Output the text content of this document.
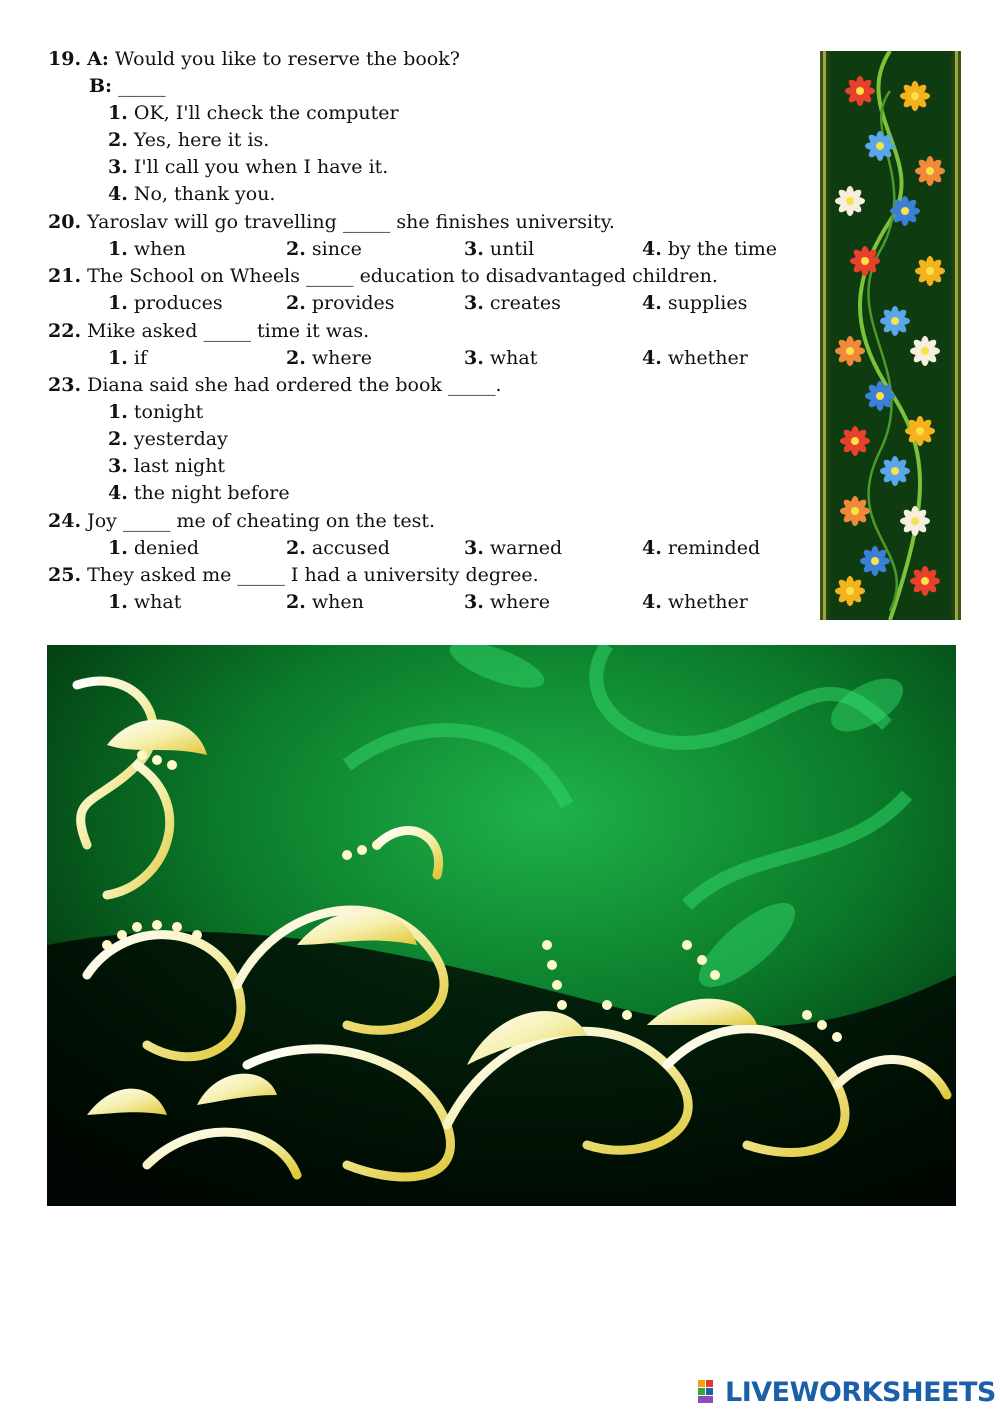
19. A: Would you like to reserve the book?
B: _____
1. OK, I'll check the computer
2. Yes, here it is.
3. I'll call you when I have it.
4. No, thank you.
20. Yaroslav will go travelling _____ she finishes university.
1. when	2. since	3. until	4. by the time
21. The School on Wheels _____ education to disadvantaged children.
1. produces	2. provides	3. creates	4. supplies
22. Mike asked _____ time it was.
1. if	2. where	3. what	4. whether
23. Diana said she had ordered the book _____.
1. tonight
2. yesterday
3. last night
4. the night before
24. Joy _____ me of cheating on the test.
1. denied	2. accused	3. warned	4. reminded
25. They asked me _____ I had a university degree.
1. what	2. when	3. where	4. whether
LIVEWORKSHEETS
